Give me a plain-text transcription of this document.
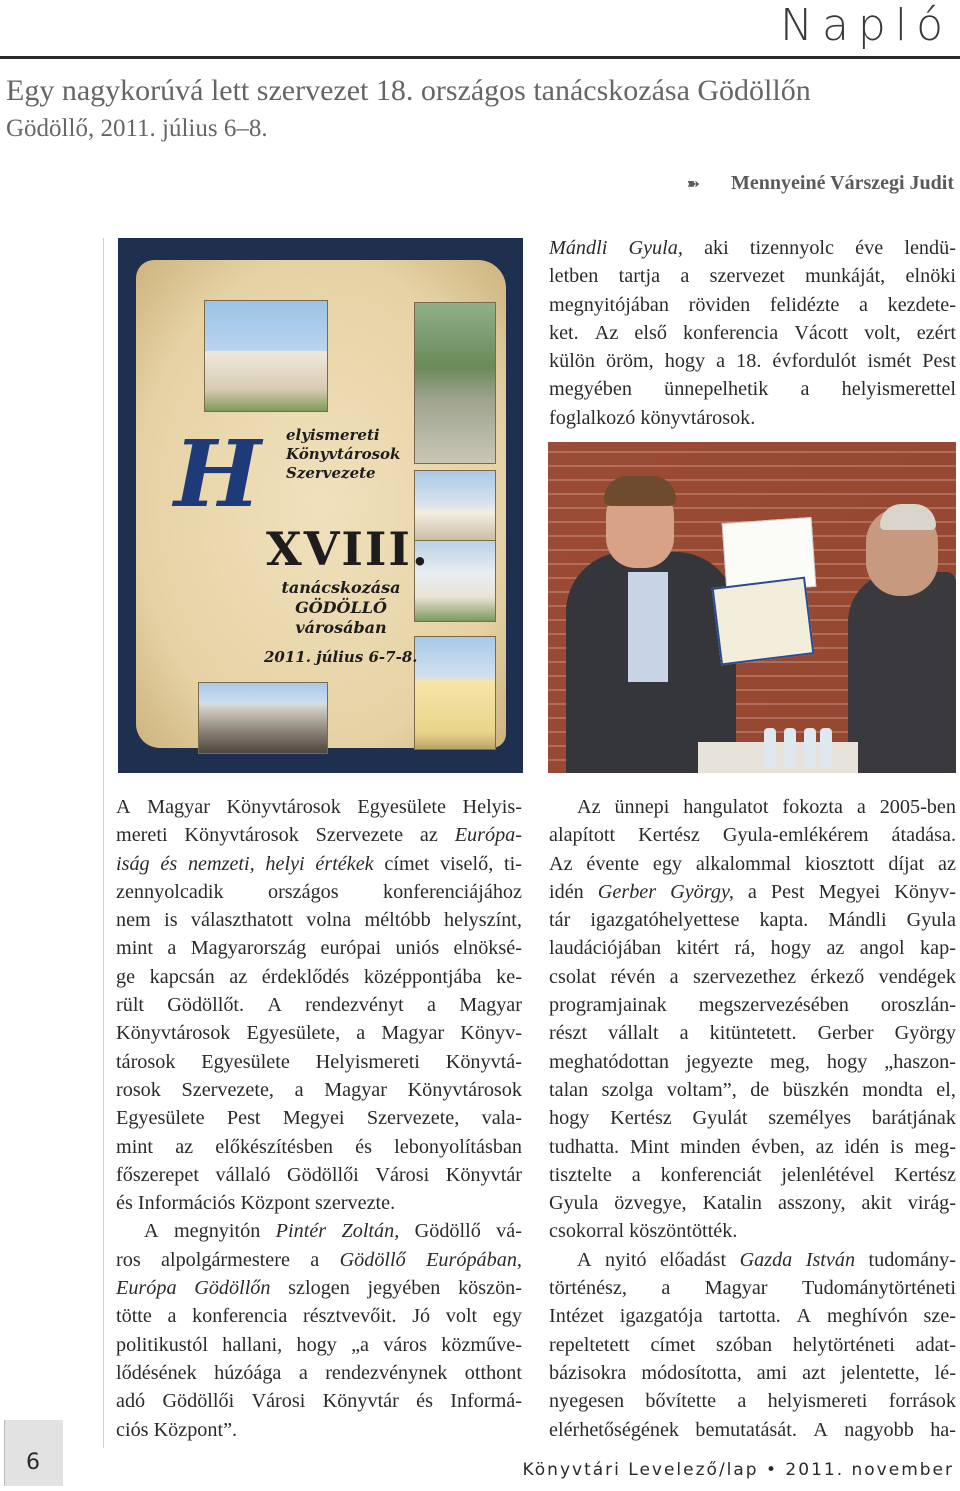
Napló
Egy nagykorúvá lett szervezet 18. országos tanácskozása Gödöllőn
Gödöllő, 2011. július 6–8.
➽ Mennyeiné Várszegi Judit
H elyismereti
Könyvtárosok
Szervezete
XVIII.
tanácskozása
GÖDÖLLŐ
városában
2011. július 6-7-8.
Mándli Gyula, aki tizennyolc éve lendü-
letben tartja a szervezet munkáját, elnöki
megnyitójában röviden felidézte a kezdete-
ket. Az első konferencia Vácott volt, ezért
külön öröm, hogy a 18. évfordulót ismét Pest
megyében ünnepelhetik a helyismerettel
foglalkozó könyvtárosok.
A Magyar Könyvtárosok Egyesülete Helyis-
mereti Könyvtárosok Szervezete az Európa-
iság és nemzeti, helyi értékek címet viselő, ti-
zennyolcadik országos konferenciájához
nem is választhatott volna méltóbb helyszínt,
mint a Magyarország európai uniós elnöksé-
ge kapcsán az érdeklődés középpontjába ke-
rült Gödöllőt. A rendezvényt a Magyar
Könyvtárosok Egyesülete, a Magyar Könyv-
tárosok Egyesülete Helyismereti Könyvtá-
rosok Szervezete, a Magyar Könyvtárosok
Egyesülete Pest Megyei Szervezete, vala-
mint az előkészítésben és lebonyolításban
főszerepet vállaló Gödöllői Városi Könyvtár
és Információs Központ szervezte.
A megnyitón Pintér Zoltán, Gödöllő vá-
ros alpolgármestere a Gödöllő Európában,
Európa Gödöllőn szlogen jegyében köszön-
tötte a konferencia résztvevőit. Jó volt egy
politikustól hallani, hogy „a város közműve-
lődésének húzóága a rendezvénynek otthont
adó Gödöllői Városi Könyvtár és Informá-
ciós Központ”.
Az ünnepi hangulatot fokozta a 2005-ben
alapított Kertész Gyula-emlékérem átadása.
Az évente egy alkalommal kiosztott díjat az
idén Gerber György, a Pest Megyei Könyv-
tár igazgatóhelyettese kapta. Mándli Gyula
laudációjában kitért rá, hogy az angol kap-
csolat révén a szervezethez érkező vendégek
programjainak megszervezésében oroszlán-
részt vállalt a kitüntetett. Gerber György
meghatódottan jegyezte meg, hogy „haszon-
talan szolga voltam”, de büszkén mondta el,
hogy Kertész Gyulát személyes barátjának
tudhatta. Mint minden évben, az idén is meg-
tisztelte a konferenciát jelenlétével Kertész
Gyula özvegye, Katalin asszony, akit virág-
csokorral köszöntötték.
A nyitó előadást Gazda István tudomány-
történész, a Magyar Tudománytörténeti
Intézet igazgatója tartotta. A meghívón sze-
repeltetett címet szóban helytörténeti adat-
bázisokra módosította, ami azt jelentette, lé-
nyegesen bővítette a helyismereti források
elérhetőségének bemutatását. A nagyobb ha-
6	Könyvtári Levelező/lap • 2011. november
